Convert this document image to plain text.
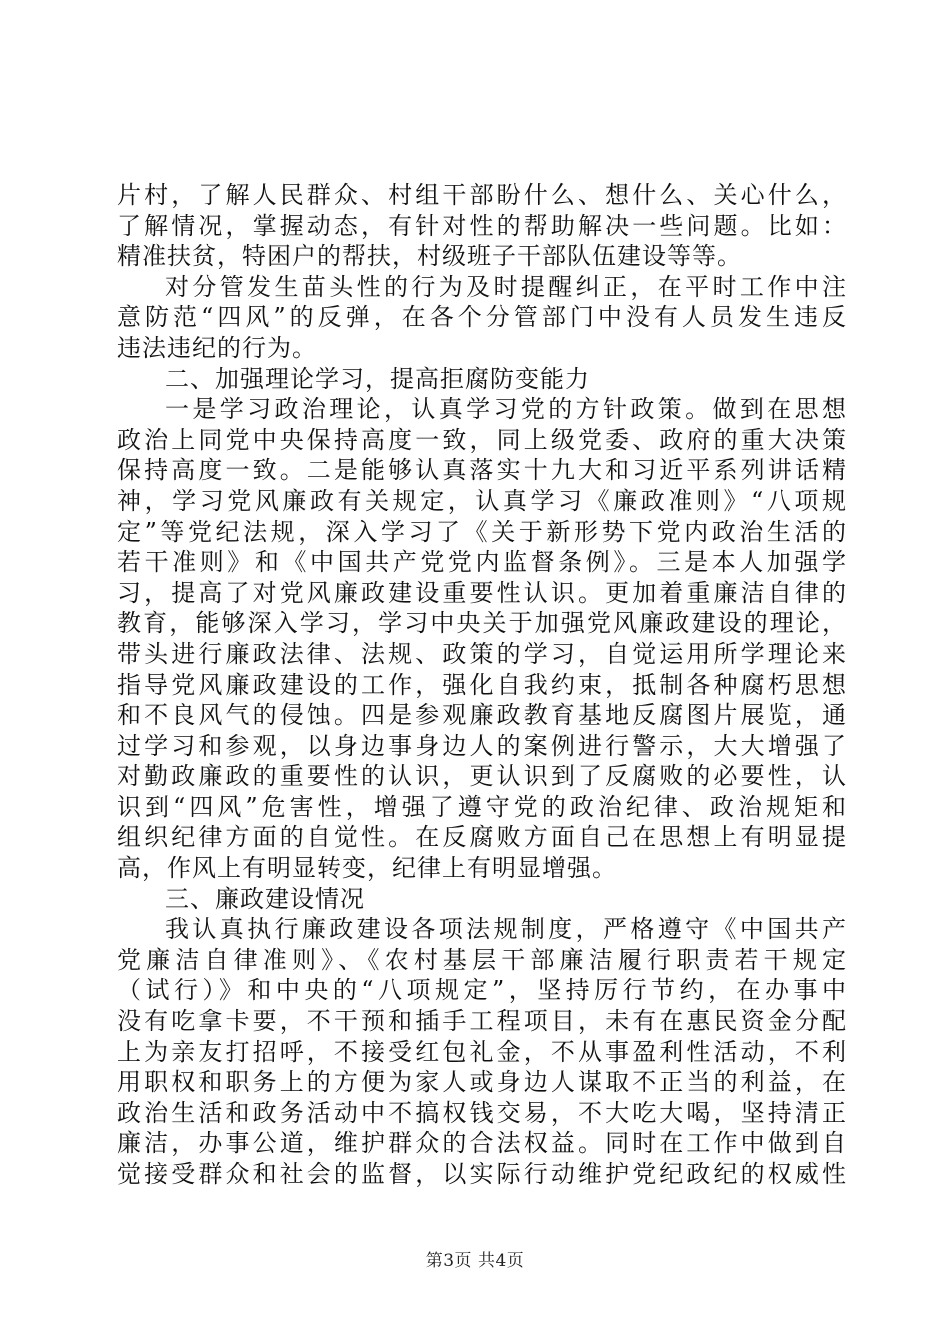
片村，了解人民群众、村组干部盼什么、想什么、关心什么，
了解情况，掌握动态，有针对性的帮助解决一些问题。比如：
精准扶贫，特困户的帮扶，村级班子干部队伍建设等等。
对分管发生苗头性的行为及时提醒纠正，在平时工作中注
意防范“四风”的反弹，在各个分管部门中没有人员发生违反
违法违纪的行为。
二、加强理论学习，提高拒腐防变能力
一是学习政治理论，认真学习党的方针政策。做到在思想
政治上同党中央保持高度一致，同上级党委、政府的重大决策
保持高度一致。二是能够认真落实十九大和习近平系列讲话精
神，学习党风廉政有关规定，认真学习《廉政准则》“八项规
定”等党纪法规，深入学习了《关于新形势下党内政治生活的
若干准则》和《中国共产党党内监督条例》。三是本人加强学
习，提高了对党风廉政建设重要性认识。更加着重廉洁自律的
教育，能够深入学习，学习中央关于加强党风廉政建设的理论，
带头进行廉政法律、法规、政策的学习，自觉运用所学理论来
指导党风廉政建设的工作，强化自我约束，抵制各种腐朽思想
和不良风气的侵蚀。四是参观廉政教育基地反腐图片展览，通
过学习和参观，以身边事身边人的案例进行警示，大大增强了
对勤政廉政的重要性的认识，更认识到了反腐败的必要性，认
识到“四风”危害性，增强了遵守党的政治纪律、政治规矩和
组织纪律方面的自觉性。在反腐败方面自己在思想上有明显提
高，作风上有明显转变，纪律上有明显增强。
三、廉政建设情况
我认真执行廉政建设各项法规制度，严格遵守《中国共产
党廉洁自律准则》、《农村基层干部廉洁履行职责若干规定
（试行）》和中央的“八项规定”，坚持厉行节约，在办事中
没有吃拿卡要，不干预和插手工程项目，未有在惠民资金分配
上为亲友打招呼，不接受红包礼金，不从事盈利性活动，不利
用职权和职务上的方便为家人或身边人谋取不正当的利益，在
政治生活和政务活动中不搞权钱交易，不大吃大喝，坚持清正
廉洁，办事公道，维护群众的合法权益。同时在工作中做到自
觉接受群众和社会的监督，以实际行动维护党纪政纪的权威性
第3页 共4页
